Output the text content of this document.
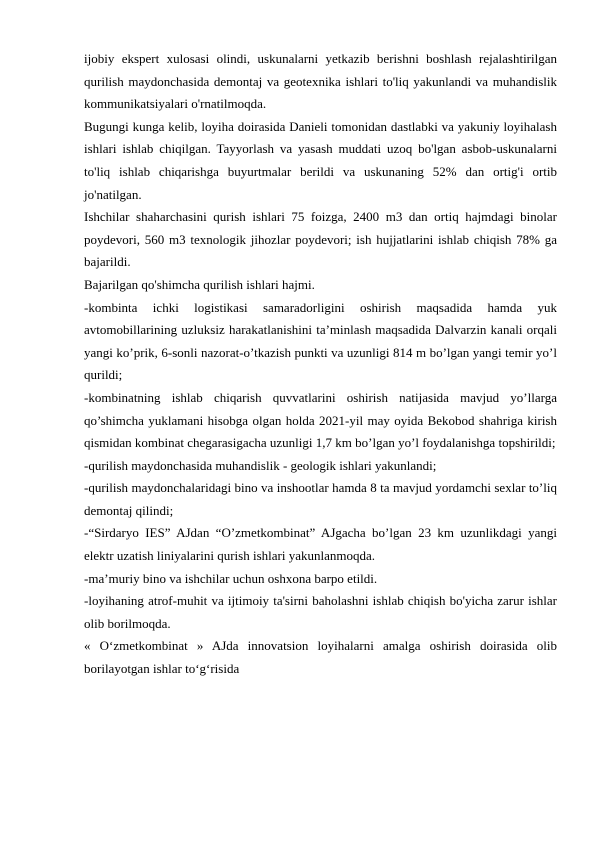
ijobiy ekspert xulosasi olindi, uskunalarni yetkazib berishni boshlash rejalashtirilgan qurilish maydonchasida demontaj va geotexnika ishlari to'liq yakunlandi va muhandislik kommunikatsiyalari o'rnatilmoqda.

Bugungi kunga kelib, loyiha doirasida Danieli tomonidan dastlabki va yakuniy loyihalash ishlari ishlab chiqilgan. Tayyorlash va yasash muddati uzoq bo'lgan asbob-uskunalarni to'liq ishlab chiqarishga buyurtmalar berildi va uskunaning 52% dan ortig'i ortib jo'natilgan.

Ishchilar shaharchasini qurish ishlari 75 foizga, 2400 m3 dan ortiq hajmdagi binolar poydevori, 560 m3 texnologik jihozlar poydevori; ish hujjatlarini ishlab chiqish 78% ga bajarildi.

Bajarilgan qo'shimcha qurilish ishlari hajmi.

-kombinta ichki logistikasi samaradorligini oshirish maqsadida hamda yuk avtomobillarining uzluksiz harakatlanishini ta’minlash maqsadida Dalvarzin kanali orqali yangi ko’prik, 6-sonli nazorat-o’tkazish punkti va uzunligi 814 m bo’lgan yangi temir yo’l qurildi;

-kombinatning ishlab chiqarish quvvatlarini oshirish natijasida mavjud yo’llarga qo’shimcha yuklamani hisobga olgan holda 2021-yil may oyida Bekobod shahriga kirish qismidan kombinat chegarasigacha uzunligi 1,7 km bo’lgan yo’l foydalanishga topshirildi;

-qurilish maydonchasida muhandislik - geologik ishlari yakunlandi;

-qurilish maydonchalaridagi bino va inshootlar hamda 8 ta mavjud yordamchi sexlar to’liq demontaj qilindi;

-“Sirdaryo IES” AJdan “O’zmetkombinat” AJgacha bo’lgan 23 km uzunlikdagi yangi elektr uzatish liniyalarini qurish ishlari yakunlanmoqda.

-ma’muriy bino va ishchilar uchun oshxona barpo etildi.

-loyihaning atrof-muhit va ijtimoiy ta'sirni baholashni ishlab chiqish bo'yicha zarur ishlar olib borilmoqda.

« O‘zmetkombinat » AJda innovatsion loyihalarni amalga oshirish doirasida olib borilayotgan ishlar to‘g‘risida
